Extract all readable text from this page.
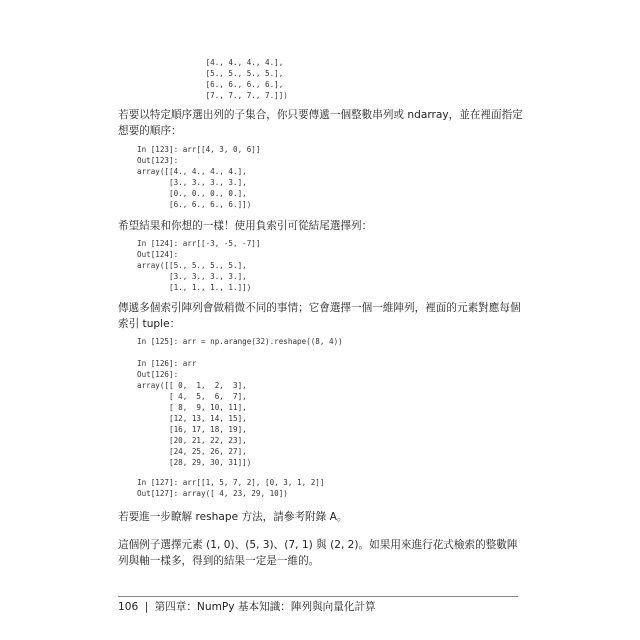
[4., 4., 4., 4.],
[5., 5., 5., 5.],
[6., 6., 6., 6.],
[7., 7., 7., 7.]])
若要以特定順序選出列的子集合，你只要傳遞一個整數串列或 ndarray，並在裡面指定
想要的順序：
In [123]: arr[[4, 3, 0, 6]]
Out[123]:
array([[4., 4., 4., 4.],
[3., 3., 3., 3.],
[0., 0., 0., 0.],
[6., 6., 6., 6.]])
希望結果和你想的一樣！使用負索引可從結尾選擇列：
In [124]: arr[[-3, -5, -7]]
Out[124]:
array([[5., 5., 5., 5.],
[3., 3., 3., 3.],
[1., 1., 1., 1.]])
傳遞多個索引陣列會做稍微不同的事情；它會選擇一個一維陣列，裡面的元素對應每個
索引 tuple：
In [125]: arr = np.arange(32).reshape((8, 4))
In [126]: arr
Out[126]:
array([[ 0,  1,  2,  3],
[ 4,  5,  6,  7],
[ 8,  9, 10, 11],
[12, 13, 14, 15],
[16, 17, 18, 19],
[20, 21, 22, 23],
[24, 25, 26, 27],
[28, 29, 30, 31]])
In [127]: arr[[1, 5, 7, 2], [0, 3, 1, 2]]
Out[127]: array([ 4, 23, 29, 10])
若要進一步瞭解 reshape 方法，請參考附錄 A。
這個例子選擇元素 (1, 0)、(5, 3)、(7, 1) 與 (2, 2)。如果用來進行花式檢索的整數陣
列與軸一樣多，得到的結果一定是一維的。
106 | 第四章：NumPy 基本知識：陣列與向量化計算
